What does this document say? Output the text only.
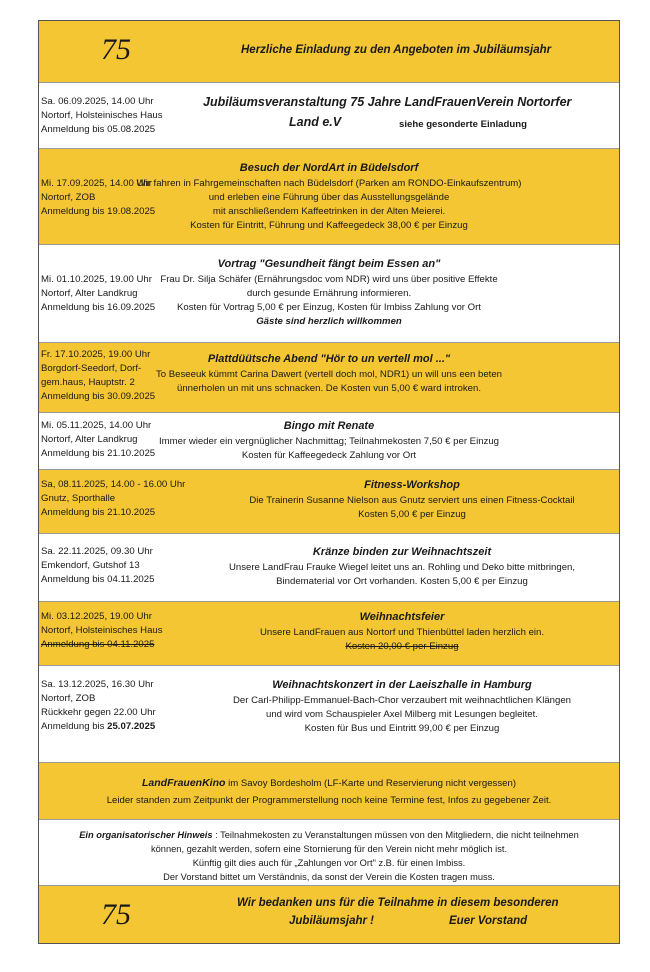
75	Herzliche Einladung zu den Angeboten im Jubiläumsjahr
Sa. 06.09.2025, 14.00 Uhr
Nortorf, Holsteinisches Haus
Anmeldung bis 05.08.2025
Jubiläumsveranstaltung 75 Jahre LandFrauenVerein Nortorfer
Land e.V	siehe gesonderte Einladung
Mi. 17.09.2025, 14.00 Uhr
Nortorf, ZOB
Anmeldung bis 19.08.2025
Besuch der NordArt in Büdelsdorf
Wir fahren in Fahrgemeinschaften nach Büdelsdorf (Parken am RONDO-Einkaufszentrum)
und erleben eine Führung über das Ausstellungsgelände
mit anschließendem Kaffeetrinken in der Alten Meierei.
Kosten für Eintritt, Führung und Kaffeegedeck 38,00 € per Einzug
Mi. 01.10.2025, 19.00 Uhr
Nortorf, Alter Landkrug
Anmeldung bis 16.09.2025
Vortrag "Gesundheit fängt beim Essen an"
Frau Dr. Silja Schäfer (Ernährungsdoc vom NDR) wird uns über positive Effekte
durch gesunde Ernährung informieren.
Kosten für Vortrag 5,00 € per Einzug, Kosten für Imbiss Zahlung vor Ort
Gäste sind herzlich willkommen
Fr. 17.10.2025, 19.00 Uhr
Borgdorf-Seedorf, Dorf-
gem.haus, Hauptstr. 2
Anmeldung bis 30.09.2025
Plattdüütsche Abend "Hör to un vertell mol ..."
To Beseeuk kümmt Carina Dawert (vertell doch mol, NDR1) un will uns een beten
ünnerholen un mit uns schnacken. De Kosten vun 5,00 € ward introken.
Mi. 05.11.2025, 14.00 Uhr
Nortorf, Alter Landkrug
Anmeldung bis 21.10.2025
Bingo mit Renate
Immer wieder ein vergnüglicher Nachmittag; Teilnahmekosten 7,50 € per Einzug
Kosten für Kaffeegedeck Zahlung vor Ort
Sa, 08.11.2025, 14.00 - 16.00 Uhr
Gnutz, Sporthalle
Anmeldung bis 21.10.2025
Fitness-Workshop
Die Trainerin Susanne Nielson aus Gnutz serviert uns einen Fitness-Cocktail
Kosten 5,00 € per Einzug
Sa. 22.11.2025, 09.30 Uhr
Emkendorf, Gutshof 13
Anmeldung bis 04.11.2025
Kränze binden zur Weihnachtszeit
Unsere LandFrau Frauke Wiegel leitet uns an. Rohling und Deko bitte mitbringen,
Bindematerial vor Ort vorhanden. Kosten 5,00 € per Einzug
Mi. 03.12.2025, 19.00 Uhr
Nortorf, Holsteinisches Haus
Anmeldung bis 04.11.2025
Weihnachtsfeier
Unsere LandFrauen aus Nortorf und Thienbüttel laden herzlich ein.
Kosten 20,00 € per Einzug
Sa. 13.12.2025, 16.30 Uhr
Nortorf, ZOB
Rückkehr gegen 22.00 Uhr
Anmeldung bis 25.07.2025
Weihnachtskonzert in der Laeiszhalle in Hamburg
Der Carl-Philipp-Emmanuel-Bach-Chor verzaubert mit weihnachtlichen Klängen
und wird vom Schauspieler Axel Milberg mit Lesungen begleitet.
Kosten für Bus und Eintritt 99,00 € per Einzug
LandFrauenKino im Savoy Bordesholm (LF-Karte und Reservierung nicht vergessen)
Leider standen zum Zeitpunkt der Programmerstellung noch keine Termine fest, Infos zu gegebener Zeit.
Ein organisatorischer Hinweis : Teilnahmekosten zu Veranstaltungen müssen von den Mitgliedern, die nicht teilnehmen
können, gezahlt werden, sofern eine Stornierung für den Verein nicht mehr möglich ist.
Künftig gilt dies auch für „Zahlungen vor Ort" z.B. für einen Imbiss.
Der Vorstand bittet um Verständnis, da sonst der Verein die Kosten tragen muss.
75	Wir bedanken uns für die Teilnahme in diesem besonderen
Jubiläumsjahr !	Euer Vorstand
